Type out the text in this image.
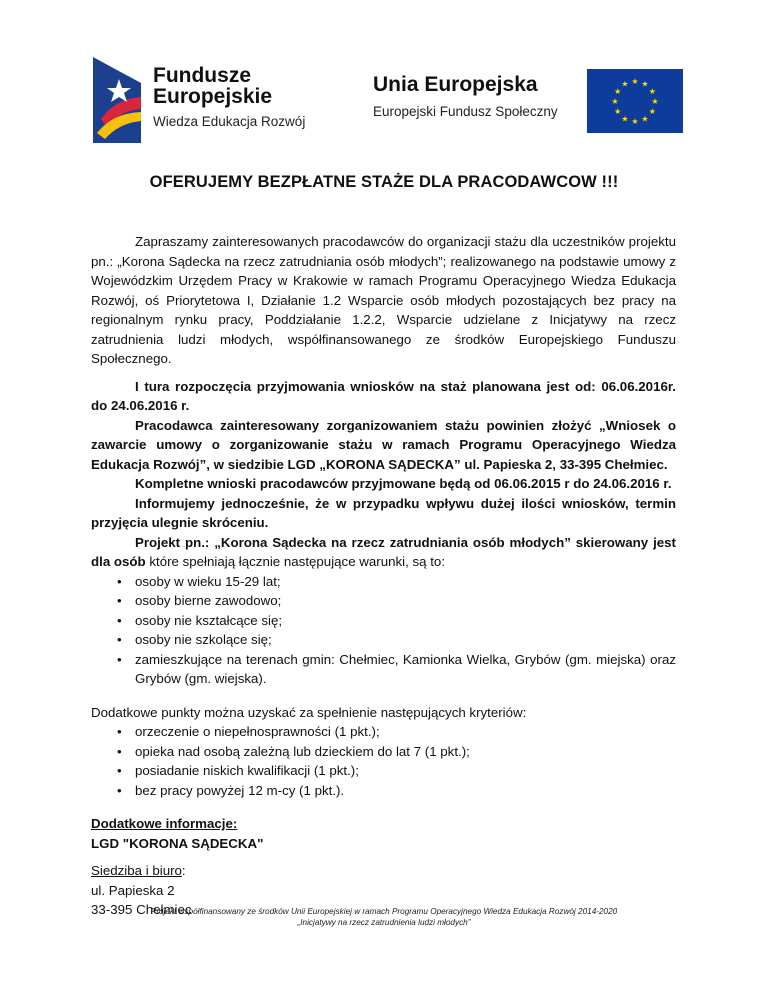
Fundusze
Europejskie
Wiedza Edukacja Rozwój
Unia Europejska
Europejski Fundusz Społeczny
★ ★
★
★
★
★
★
★
★
★
★
★
OFERUJEMY BEZPŁATNE STAŻE DLA PRACODAWCOW !!!

Zapraszamy zainteresowanych pracodawców do organizacji stażu dla uczestników projektu pn.: „Korona Sądecka na rzecz zatrudniania osób młodych”; realizowanego na podstawie umowy z Wojewódzkim Urzędem Pracy w Krakowie w ramach Programu Operacyjnego Wiedza Edukacja Rozwój, oś Priorytetowa I, Działanie 1.2 Wsparcie osób młodych pozostających bez pracy na regionalnym rynku pracy, Poddziałanie 1.2.2, Wsparcie udzielane z Inicjatywy na rzecz zatrudnienia ludzi młodych, współfinansowanego ze środków Europejskiego Funduszu Społecznego.

I tura rozpoczęcia przyjmowania wniosków na staż planowana jest od: 06.06.2016r. do 24.06.2016 r.

Pracodawca zainteresowany zorganizowaniem stażu powinien złożyć „Wniosek o zawarcie umowy o zorganizowanie stażu w ramach Programu Operacyjnego Wiedza Edukacja Rozwój”, w siedzibie LGD „KORONA SĄDECKA” ul. Papieska 2, 33-395 Chełmiec.

Kompletne wnioski pracodawców przyjmowane będą od 06.06.2015 r do 24.06.2016 r.

Informujemy jednocześnie, że w przypadku wpływu dużej ilości wniosków, termin przyjęcia ulegnie skróceniu.

Projekt pn.: „Korona Sądecka na rzecz zatrudniania osób młodych” skierowany jest dla osób które spełniają łącznie następujące warunki, są to:

• osoby w wieku 15-29 lat;
• osoby bierne zawodowo;
• osoby nie kształcące się;
• osoby nie szkolące się;
• zamieszkujące na terenach gmin: Chełmiec, Kamionka Wielka, Grybów (gm. miejska) oraz Grybów (gm. wiejska).

Dodatkowe punkty można uzyskać za spełnienie następujących kryteriów:

• orzeczenie o niepełnosprawności (1 pkt.);
• opieka nad osobą zależną lub dzieckiem do lat 7 (1 pkt.);
• posiadanie niskich kwalifikacji (1 pkt.);
• bez pracy powyżej 12 m-cy (1 pkt.).

Dodatkowe informacje:

LGD "KORONA SĄDECKA"

Siedziba i biuro:

ul. Papieska 2

33-395 Chełmiec

Projekt współfinansowany ze środków Unii Europejskiej w ramach Programu Operacyjnego Wiedza Edukacja Rozwój 2014-2020
„Inicjatywy na rzecz zatrudnienia ludzi młodych”
